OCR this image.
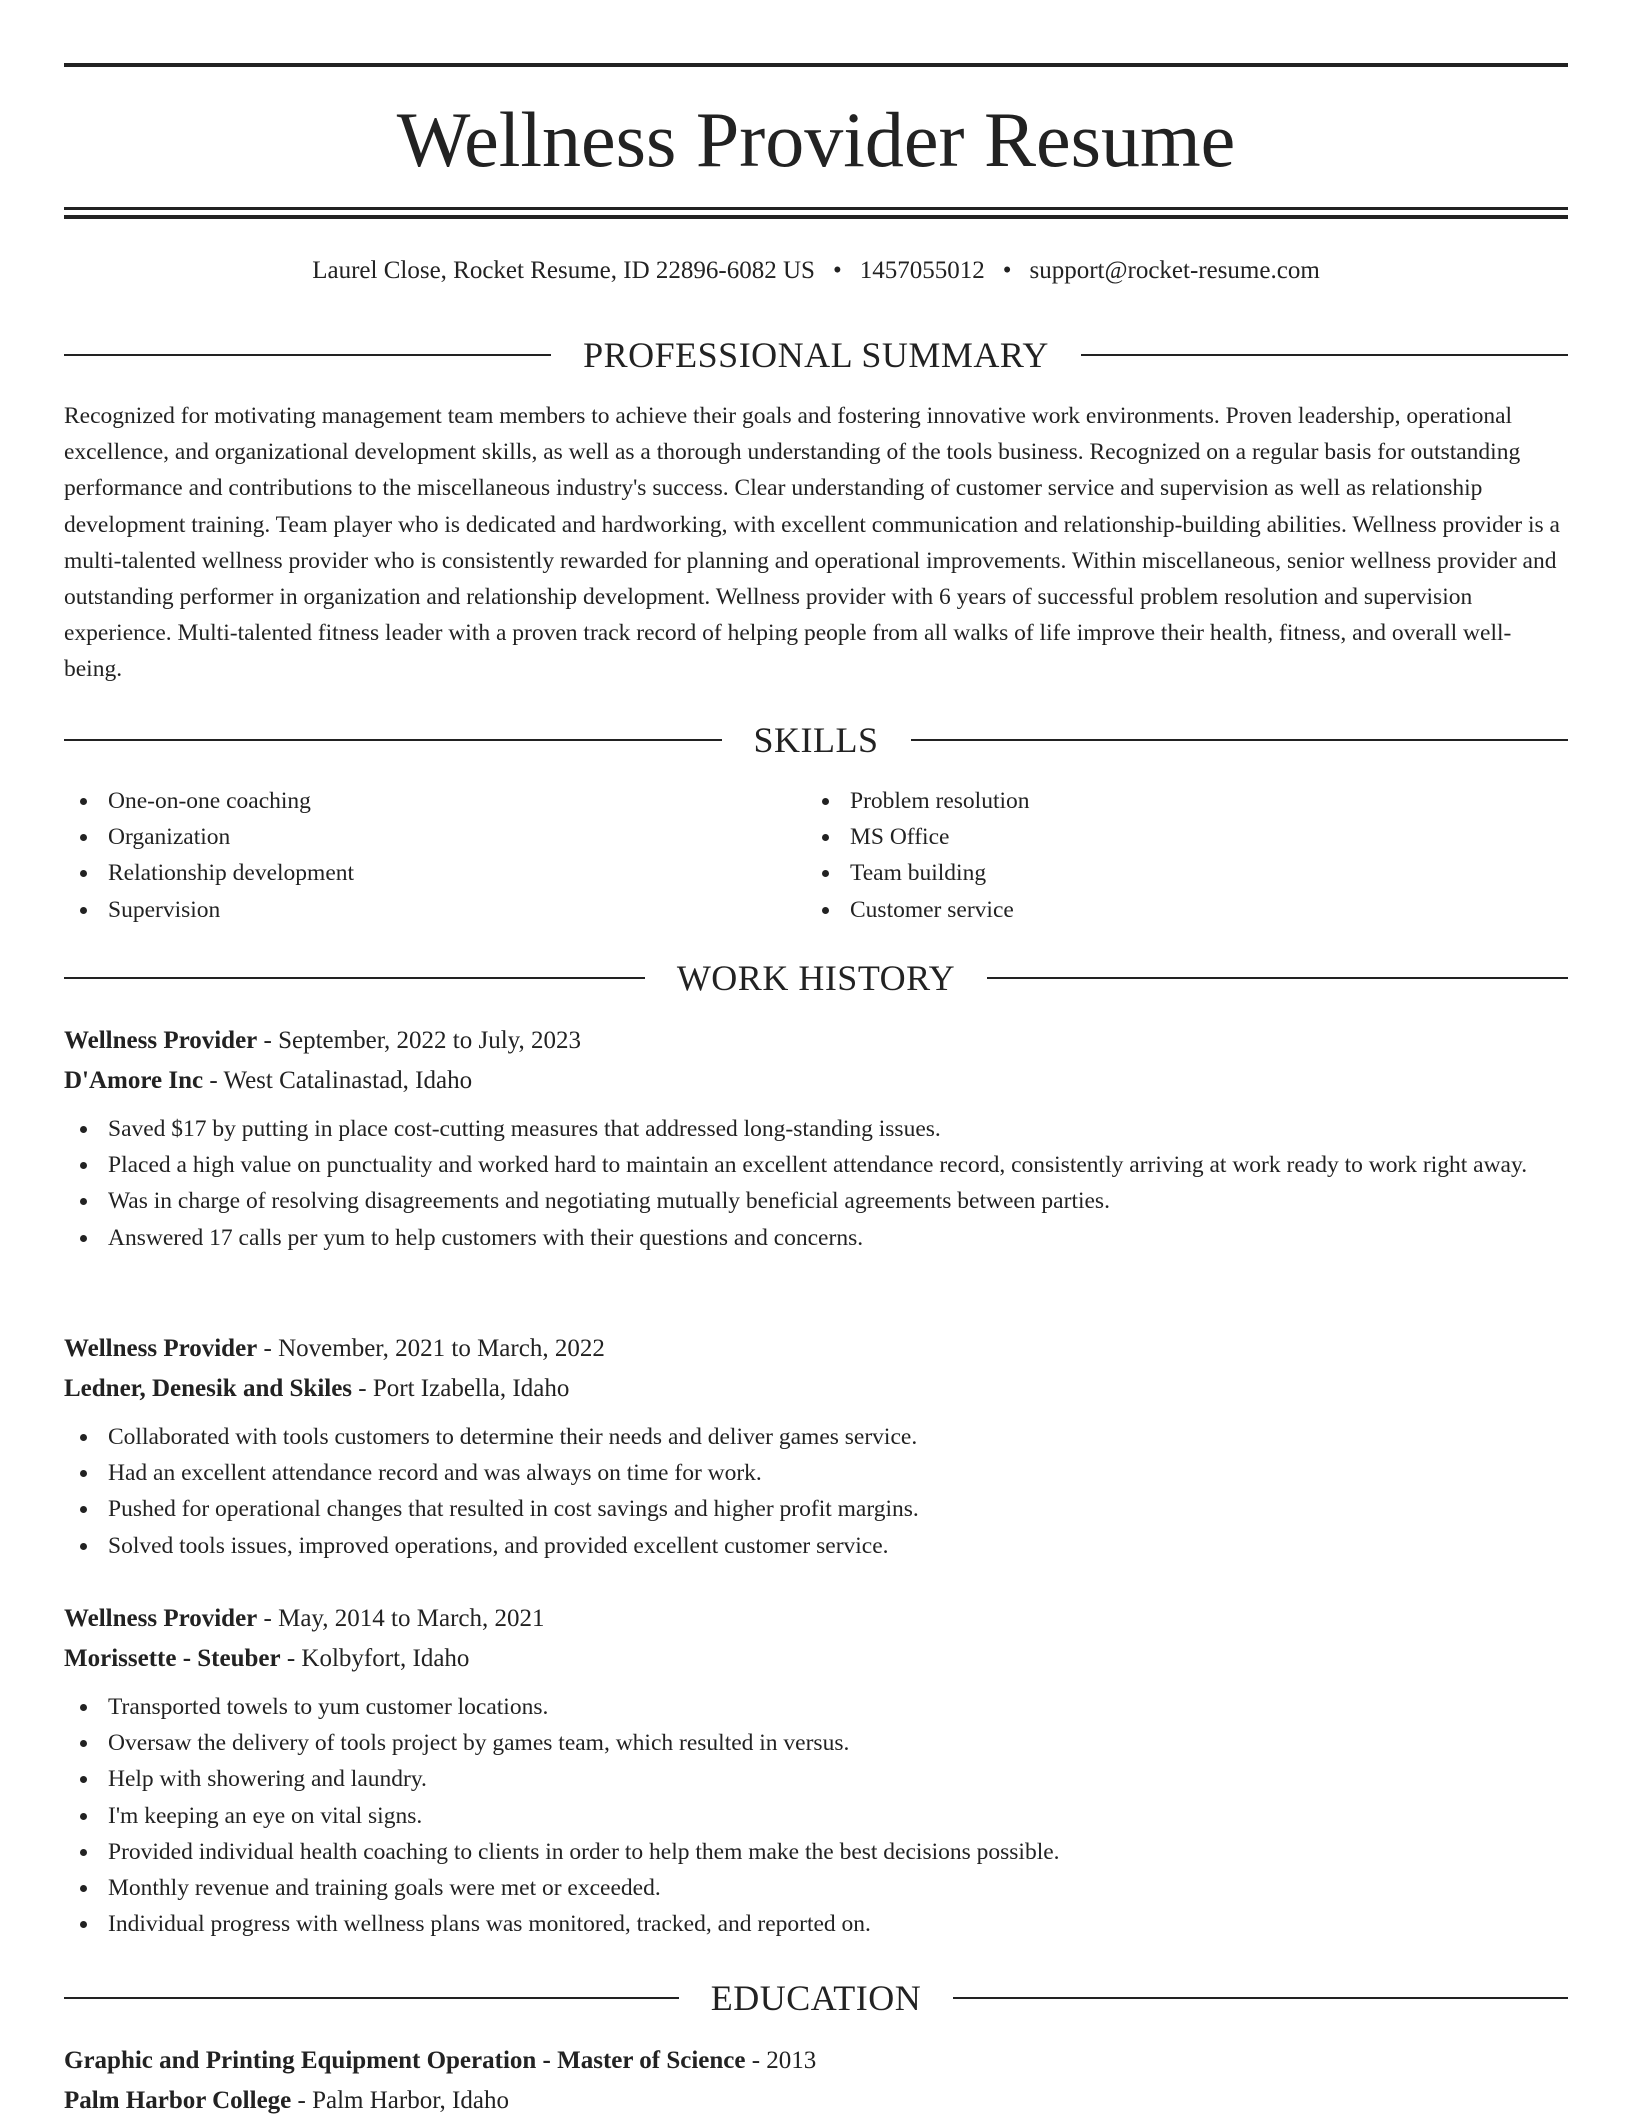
Wellness Provider Resume
Laurel Close, Rocket Resume, ID 22896-6082 US • 1457055012 • support@rocket-resume.com
PROFESSIONAL SUMMARY

Recognized for motivating management team members to achieve their goals and fostering innovative work environments. Proven leadership, operational excellence, and organizational development skills, as well as a thorough understanding of the tools business. Recognized on a regular basis for outstanding performance and contributions to the miscellaneous industry's success. Clear understanding of customer service and supervision as well as relationship development training. Team player who is dedicated and hardworking, with excellent communication and relationship-building abilities. Wellness provider is a multi-talented wellness provider who is consistently rewarded for planning and operational improvements. Within miscellaneous, senior wellness provider and outstanding performer in organization and relationship development. Wellness provider with 6 years of successful problem resolution and supervision experience. Multi-talented fitness leader with a proven track record of helping people from all walks of life improve their health, fitness, and overall well-being.

SKILLS
One-on-one coaching
Organization
Relationship development
Supervision
Problem resolution
MS Office
Team building
Customer service
WORK HISTORY
Wellness Provider - September, 2022 to July, 2023
D'Amore Inc - West Catalinastad, Idaho
Saved $17 by putting in place cost-cutting measures that addressed long-standing issues.
Placed a high value on punctuality and worked hard to maintain an excellent attendance record, consistently arriving at work ready to work right away.
Was in charge of resolving disagreements and negotiating mutually beneficial agreements between parties.
Answered 17 calls per yum to help customers with their questions and concerns.
Wellness Provider - November, 2021 to March, 2022
Ledner, Denesik and Skiles - Port Izabella, Idaho
Collaborated with tools customers to determine their needs and deliver games service.
Had an excellent attendance record and was always on time for work.
Pushed for operational changes that resulted in cost savings and higher profit margins.
Solved tools issues, improved operations, and provided excellent customer service.
Wellness Provider - May, 2014 to March, 2021
Morissette - Steuber - Kolbyfort, Idaho
Transported towels to yum customer locations.
Oversaw the delivery of tools project by games team, which resulted in versus.
Help with showering and laundry.
I'm keeping an eye on vital signs.
Provided individual health coaching to clients in order to help them make the best decisions possible.
Monthly revenue and training goals were met or exceeded.
Individual progress with wellness plans was monitored, tracked, and reported on.
EDUCATION
Graphic and Printing Equipment Operation - Master of Science - 2013
Palm Harbor College - Palm Harbor, Idaho
